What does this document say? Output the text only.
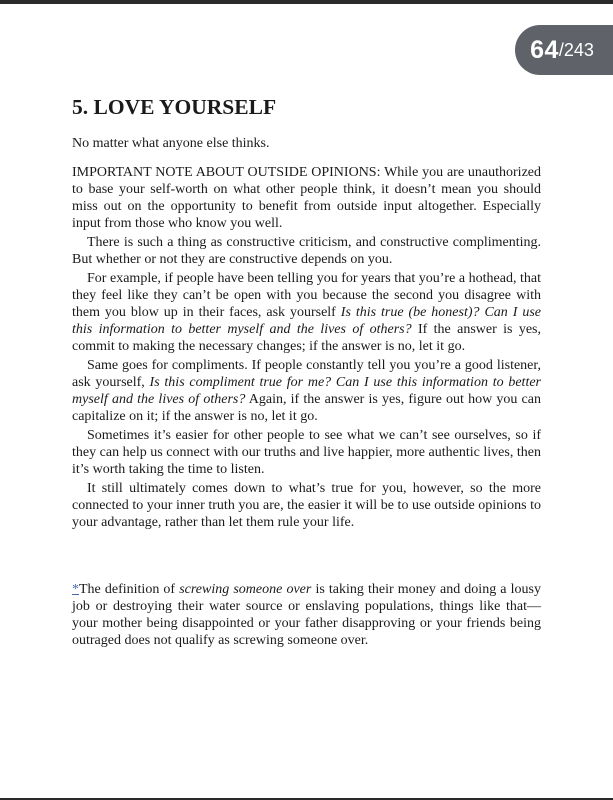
64 / 243
5. LOVE YOURSELF

No matter what anyone else thinks.

IMPORTANT NOTE ABOUT OUTSIDE OPINIONS: While you are unauthorized to base your self-worth on what other people think, it doesn’t mean you should miss out on the opportunity to benefit from outside input altogether. Especially input from those who know you well.

There is such a thing as constructive criticism, and constructive complimenting. But whether or not they are constructive depends on you.

For example, if people have been telling you for years that you’re a hothead, that they feel like they can’t be open with you because the second you disagree with them you blow up in their faces, ask yourself Is this true (be honest)? Can I use this information to better myself and the lives of others? If the answer is yes, commit to making the necessary changes; if the answer is no, let it go.

Same goes for compliments. If people constantly tell you you’re a good listener, ask yourself, Is this compliment true for me? Can I use this information to better myself and the lives of others? Again, if the answer is yes, figure out how you can capitalize on it; if the answer is no, let it go.

Sometimes it’s easier for other people to see what we can’t see ourselves, so if they can help us connect with our truths and live happier, more authentic lives, then it’s worth taking the time to listen.

It still ultimately comes down to what’s true for you, however, so the more connected to your inner truth you are, the easier it will be to use outside opinions to your advantage, rather than let them rule your life.

*The definition of screwing someone over is taking their money and doing a lousy job or destroying their water source or enslaving populations, things like that—your mother being disappointed or your father disapproving or your friends being outraged does not qualify as screwing someone over.
